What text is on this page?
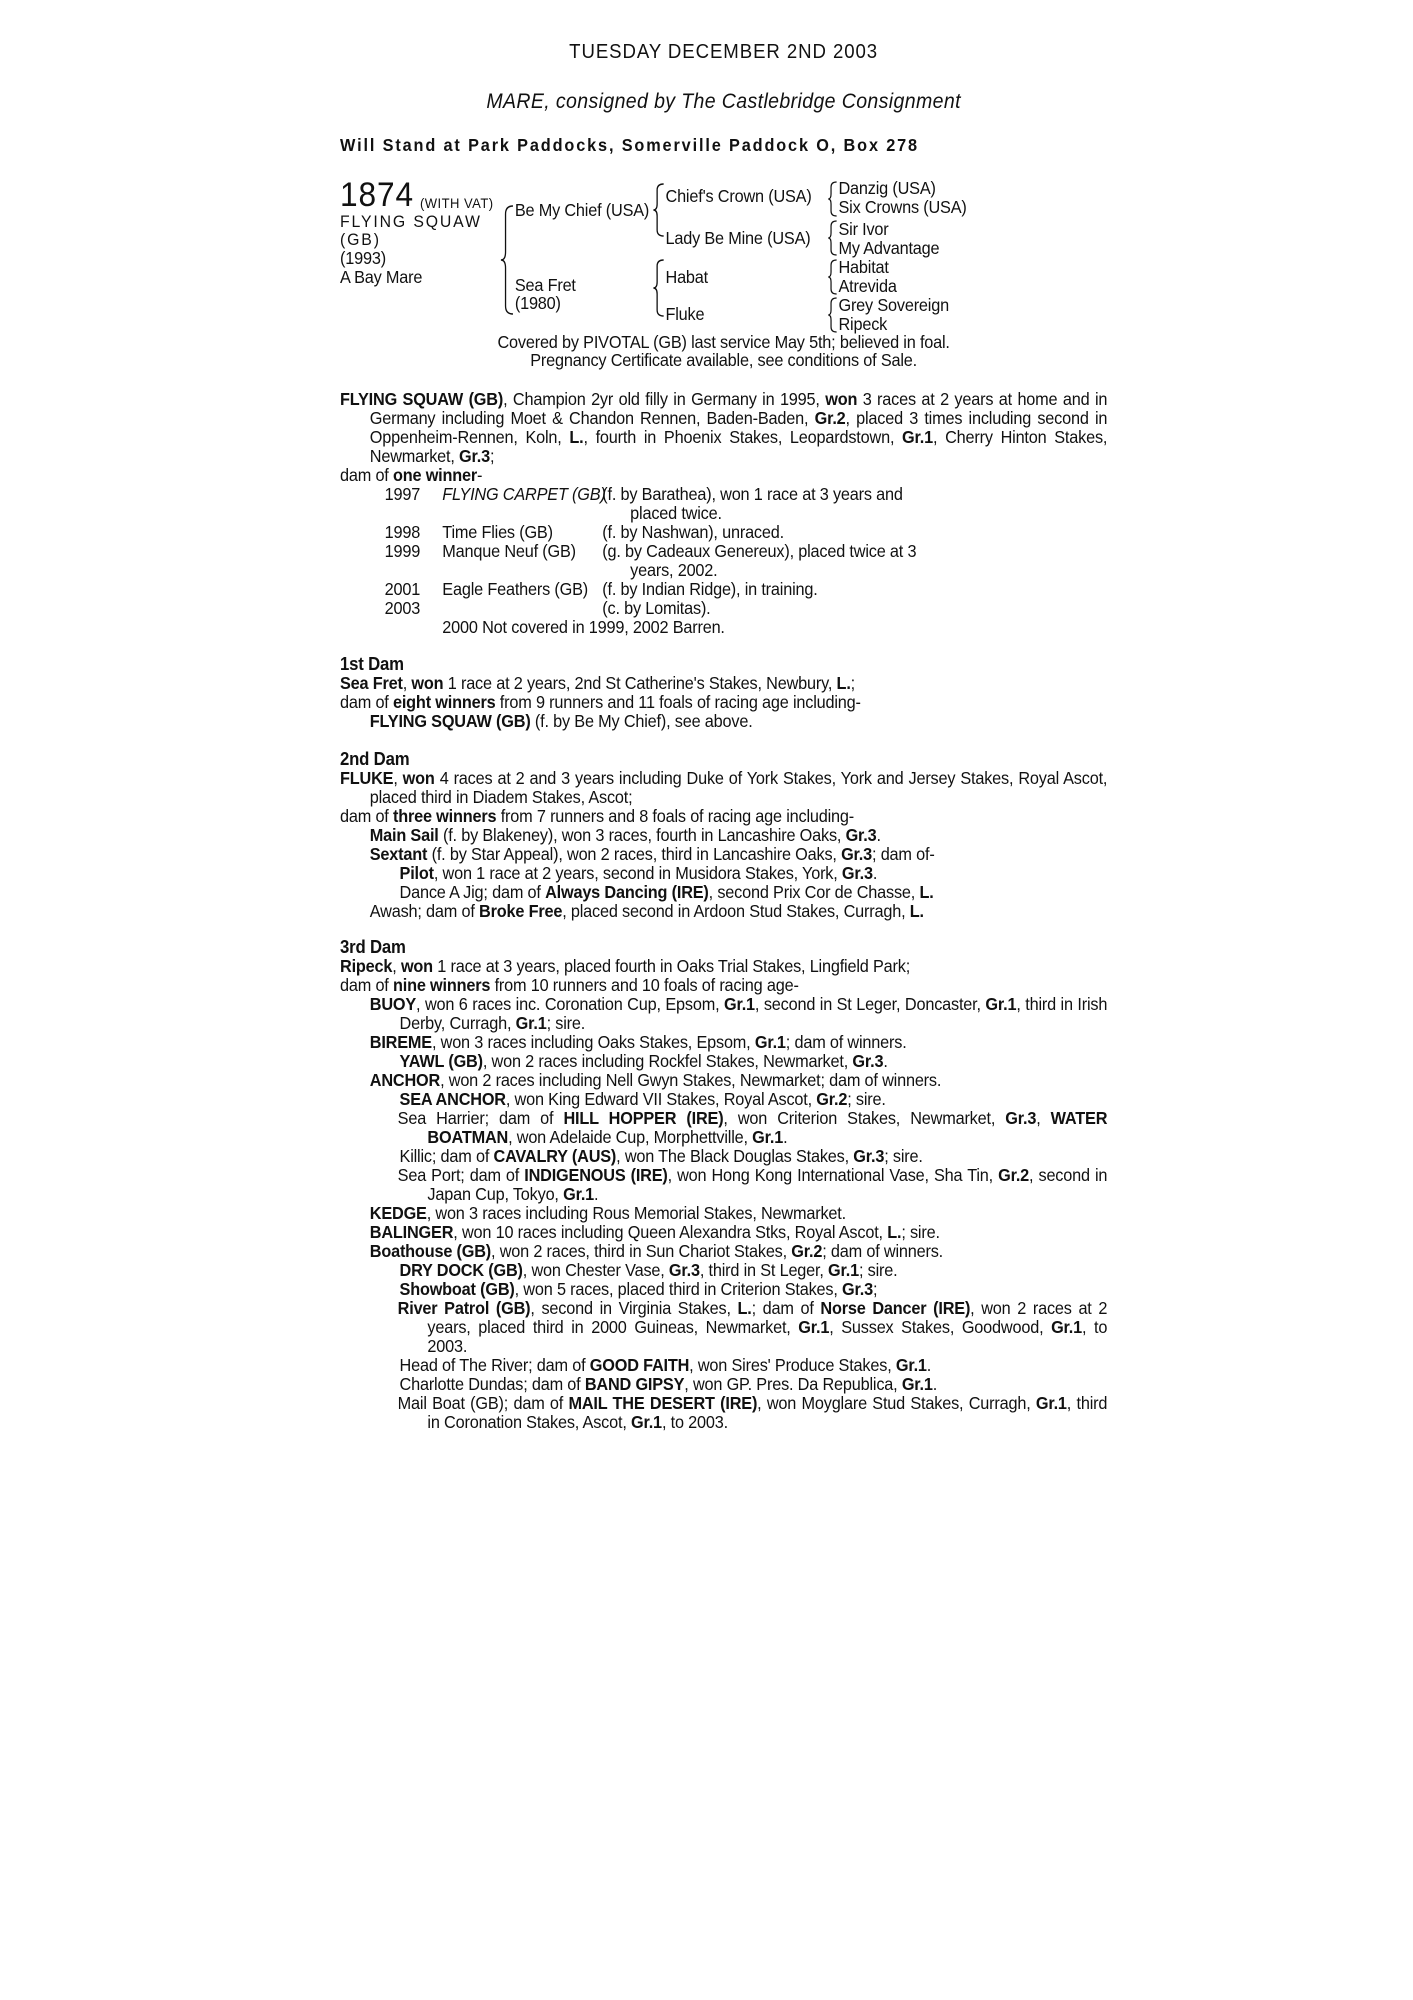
TUESDAY DECEMBER 2ND 2003
MARE, consigned by The Castlebridge Consignment
Will Stand at Park Paddocks, Somerville Paddock O, Box 278
1874 (WITH VAT)
FLYING SQUAW
(GB)
(1993)
A Bay Mare
Be My Chief (USA)
Sea Fret
(1980)
Chief's Crown (USA)
Lady Be Mine (USA)
Habat
Fluke
Danzig (USA)
Six Crowns (USA)
Sir Ivor
My Advantage
Habitat
Atrevida
Grey Sovereign
Ripeck
Covered by PIVOTAL (GB) last service May 5th; believed in foal.
Pregnancy Certificate available, see conditions of Sale.

FLYING SQUAW (GB), Champion 2yr old filly in Germany in 1995, won 3 races at 2 years at home and in Germany including Moet & Chandon Rennen, Baden-Baden, Gr.2, placed 3 times including second in Oppenheim-Rennen, Koln, L., fourth in Phoenix Stakes, Leopardstown, Gr.1, Cherry Hinton Stakes, Newmarket, Gr.3;

dam of one winner-

1997 FLYING CARPET (GB)
(f. by Barathea), won 1 race at 3 years and
placed twice.
1998 Time Flies (GB)	(f. by Nashwan), unraced.
1999 Manque Neuf (GB) (g. by Cadeaux Genereux), placed twice at 3
years, 2002.
2001 Eagle Feathers (GB) (f. by Indian Ridge), in training.
2003	(c. by Lomitas).
2000 Not covered in 1999, 2002 Barren.

1st Dam

Sea Fret, won 1 race at 2 years, 2nd St Catherine's Stakes, Newbury, L.;

dam of eight winners from 9 runners and 11 foals of racing age including-

FLYING SQUAW (GB) (f. by Be My Chief), see above.

2nd Dam

FLUKE, won 4 races at 2 and 3 years including Duke of York Stakes, York and Jersey Stakes, Royal Ascot, placed third in Diadem Stakes, Ascot;

dam of three winners from 7 runners and 8 foals of racing age including-

Main Sail (f. by Blakeney), won 3 races, fourth in Lancashire Oaks, Gr.3.

Sextant (f. by Star Appeal), won 2 races, third in Lancashire Oaks, Gr.3; dam of-

Pilot, won 1 race at 2 years, second in Musidora Stakes, York, Gr.3.

Dance A Jig; dam of Always Dancing (IRE), second Prix Cor de Chasse, L.

Awash; dam of Broke Free, placed second in Ardoon Stud Stakes, Curragh, L.

3rd Dam

Ripeck, won 1 race at 3 years, placed fourth in Oaks Trial Stakes, Lingfield Park;

dam of nine winners from 10 runners and 10 foals of racing age-

BUOY, won 6 races inc. Coronation Cup, Epsom, Gr.1, second in St Leger, Doncaster, Gr.1, third in Irish Derby, Curragh, Gr.1; sire.

BIREME, won 3 races including Oaks Stakes, Epsom, Gr.1; dam of winners.

YAWL (GB), won 2 races including Rockfel Stakes, Newmarket, Gr.3.

ANCHOR, won 2 races including Nell Gwyn Stakes, Newmarket; dam of winners.

SEA ANCHOR, won King Edward VII Stakes, Royal Ascot, Gr.2; sire.

Sea Harrier; dam of HILL HOPPER (IRE), won Criterion Stakes, Newmarket, Gr.3, WATER BOATMAN, won Adelaide Cup, Morphettville, Gr.1.

Killic; dam of CAVALRY (AUS), won The Black Douglas Stakes, Gr.3; sire.

Sea Port; dam of INDIGENOUS (IRE), won Hong Kong International Vase, Sha Tin, Gr.2, second in Japan Cup, Tokyo, Gr.1.

KEDGE, won 3 races including Rous Memorial Stakes, Newmarket.

BALINGER, won 10 races including Queen Alexandra Stks, Royal Ascot, L.; sire.

Boathouse (GB), won 2 races, third in Sun Chariot Stakes, Gr.2; dam of winners.

DRY DOCK (GB), won Chester Vase, Gr.3, third in St Leger, Gr.1; sire.

Showboat (GB), won 5 races, placed third in Criterion Stakes, Gr.3;

River Patrol (GB), second in Virginia Stakes, L.; dam of Norse Dancer (IRE), won 2 races at 2 years, placed third in 2000 Guineas, Newmarket, Gr.1, Sussex Stakes, Goodwood, Gr.1, to 2003.

Head of The River; dam of GOOD FAITH, won Sires' Produce Stakes, Gr.1.

Charlotte Dundas; dam of BAND GIPSY, won GP. Pres. Da Republica, Gr.1.

Mail Boat (GB); dam of MAIL THE DESERT (IRE), won Moyglare Stud Stakes, Curragh, Gr.1, third in Coronation Stakes, Ascot, Gr.1, to 2003.
